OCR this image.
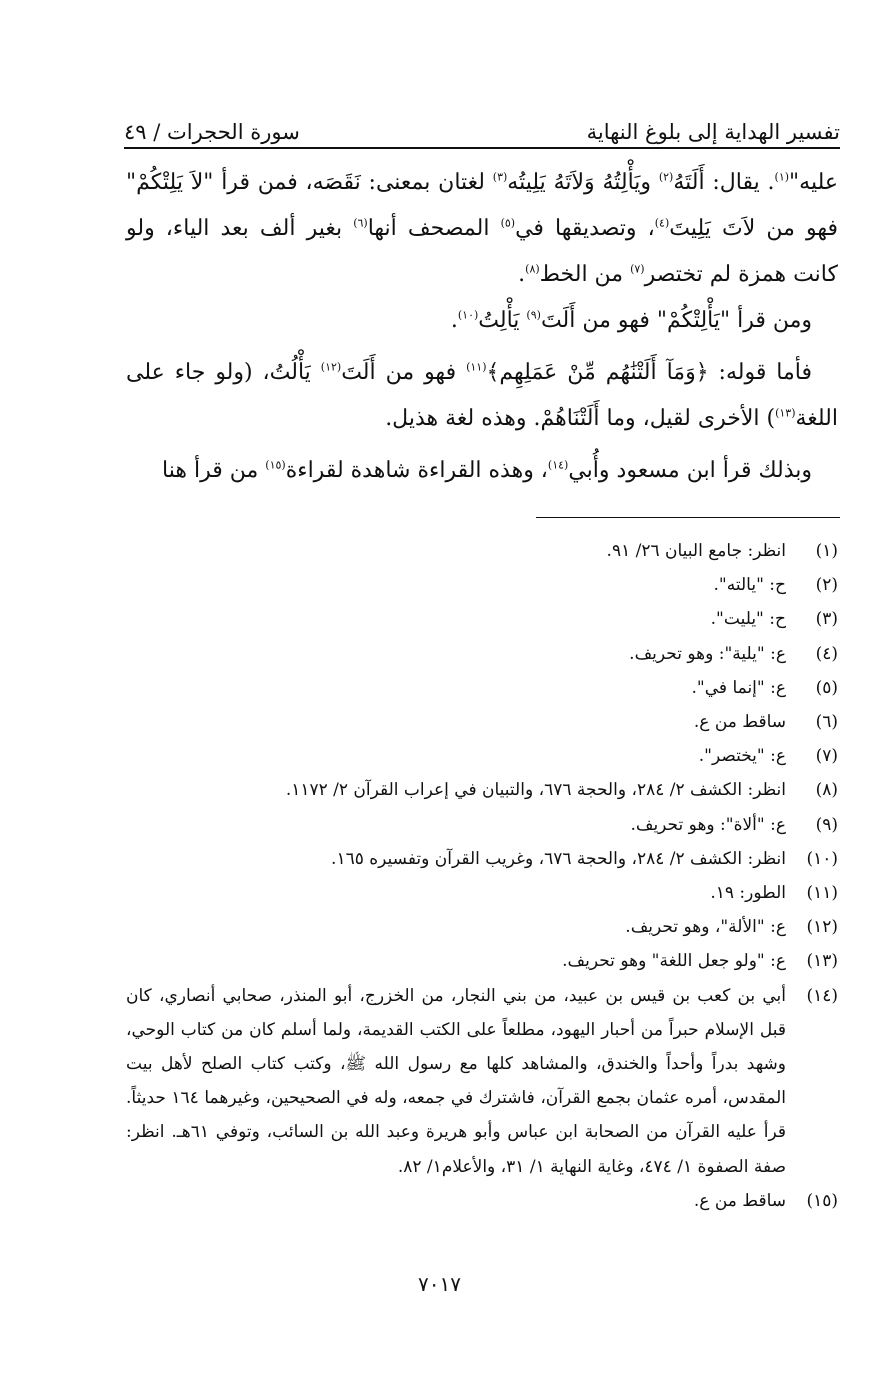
تفسير الهداية إلى بلوغ النهاية
سورة الحجرات / ٤٩

عليه"$^{(١)}$. يقال: أَلَتَهُ$^{(٢)}$ ويَأْلِتُهُ وَلاَتَهُ يَلِيتُه$^{(٣)}$ لغتان بمعنى: نَقَصَه، فمن قرأ "لاَ يَلِتْكُمْ" فهو من لاَتَ يَلِيتَ$^{(٤)}$، وتصديقها في$^{(٥)}$ المصحف أنها$^{(٦)}$ بغير ألف بعد الياء، ولو كانت همزة لم تختصر$^{(٧)}$ من الخط$^{(٨)}$.

ومن قرأ "يَأْلِتْكُمْ" فهو من أَلَتَ$^{(٩)}$ يَأْلِتُ$^{(١٠)}$.

فأما قوله: ﴿وَمَآ أَلَتْنَٰهُم مِّنْ عَمَلِهِم﴾$^{(١١)}$ فهو من أَلَتَ$^{(١٢)}$ يَأْلُتُ، (ولو جاء على اللغة$^{(١٣)}$) الأخرى لقيل، وما أَلَتْنَاهُمْ. وهذه لغة هذيل.

وبذلك قرأ ابن مسعود وأُبي$^{(١٤)}$، وهذه القراءة شاهدة لقراءة$^{(١٥)}$ من قرأ هنا

(١)
انظر: جامع البيان ٢٦/ ٩١.
(٢)
ح: "يالته".
(٣)
ح: "يليت".
(٤)
ع: "يلية": وهو تحريف.
(٥)
ع: "إنما في".
(٦)
ساقط من ع.
(٧)
ع: "يختصر".
(٨)
انظر: الكشف ٢/ ٢٨٤، والحجة ٦٧٦، والتبيان في إعراب القرآن ٢/ ١١٧٢.
(٩)
ع: "ألاة": وهو تحريف.
(١٠)
انظر: الكشف ٢/ ٢٨٤، والحجة ٦٧٦، وغريب القرآن وتفسيره ١٦٥.
(١١)
الطور: ١٩.
(١٢)
ع: "الألة"، وهو تحريف.
(١٣)
ع: "ولو جعل اللغة" وهو تحريف.
(١٤)
أبي بن كعب بن قيس بن عبيد، من بني النجار، من الخزرج، أبو المنذر، صحابي أنصاري، كان قبل الإسلام حبراً من أحبار اليهود، مطلعاً على الكتب القديمة، ولما أسلم كان من كتاب الوحي، وشهد بدراً وأحداً والخندق، والمشاهد كلها مع رسول الله ﷺ، وكتب كتاب الصلح لأهل بيت المقدس، أمره عثمان بجمع القرآن، فاشترك في جمعه، وله في الصحيحين، وغيرهما ١٦٤ حديثاً. قرأ عليه القرآن من الصحابة ابن عباس وأبو هريرة وعبد الله بن السائب، وتوفي ٦١هـ. انظر: صفة الصفوة ١/ ٤٧٤، وغاية النهاية ١/ ٣١، والأعلام١/ ٨٢.
(١٥)
ساقط من ع.
٧٠١٧
